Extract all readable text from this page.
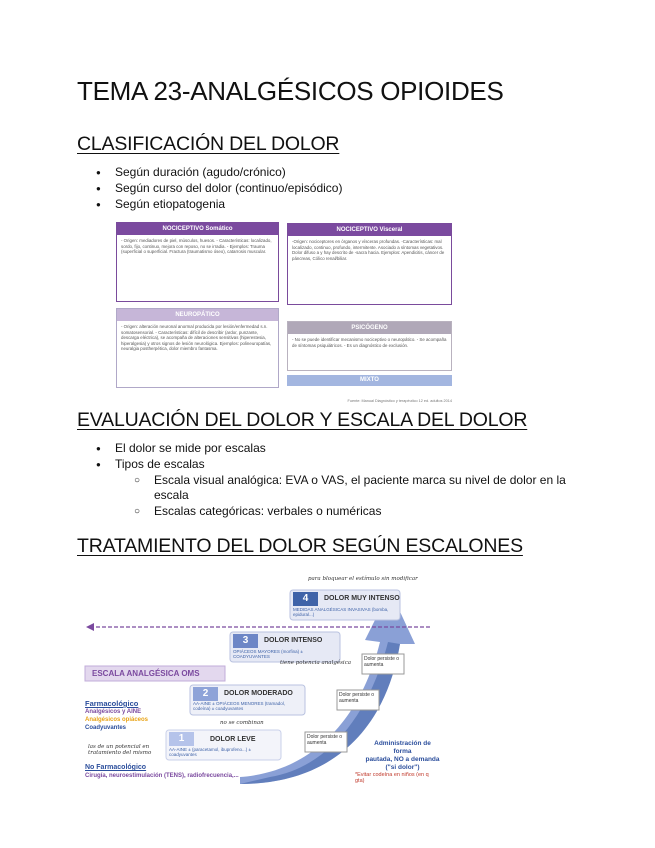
TEMA 23-ANALGÉSICOS OPIOIDES
CLASIFICACIÓN DEL DOLOR
● Según duración (agudo/crónico)
● Según curso del dolor (continuo/episódico)
● Según etiopatogenia
NOCICEPTIVO Somático
- Origen: mediadores de piel, músculos, huesos. - Características: localizado, sordo, fijo, continuo, mejora con reposo, no se irradia. - Ejemplos: Trauma (superficial o superficial. Fractura (traumatismo óseo), catarrosis muscular.
NOCICEPTIVO Visceral
-Origen: nociceptores en órganos y vísceras profundas. -Características: mal localizado, continuo, profundo, intermitente. Asociado a síntomas vegetativos. Dolor difuso a y hay descrito de -sacra hacia. Ejemplos: Apendicitis, cáncer de páncreas, Cólico renal/biliar.
NEUROPÁTICO
- Origen: alteración neuronal anormal producida por lesión/enfermedad s.n. somatosensorial. - Características: difícil de describir (ardor, punzante, descarga eléctrica), se acompaña de alteraciones sensitivas (hiperestesia, hiperalgesia) y otros signos de lesión neurológica. Ejemplos: polineuropatías, neuralgia postherpética, dolor miembro fantasma.
PSICÓGENO
- No se puede identificar mecanismo nociceptivo o neuropático. - Se acompaña de síntomas psiquiátricos. - Es un diagnóstico de exclusión.
MIXTO
Fuente: Manual Diagnóstico y terapéutico 12 ed. adultos 2014
EVALUACIÓN DEL DOLOR Y ESCALA DEL DOLOR
● El dolor se mide por escalas
● Tipos de escalas
○ Escala visual analógica: EVA o VAS, el paciente marca su nivel de dolor en la escala
○ Escalas categóricas: verbales o numéricas
TRATAMIENTO DEL DOLOR SEGÚN ESCALONES
4	DOLOR MUY INTENSO
MEDIDAS ANALGÉSICAS INVASIVAS (bomba, epidural...)
3	DOLOR INTENSO
OPIÁCEOS MAYORES (morfina) ± COADYUVANTES
2	DOLOR MODERADO
AA-AINE ± OPIÁCEOS MENORES (tramadol, codeína) ± coadyuvantes
1	DOLOR LEVE
AA-AINE ± (paracetamol, ibuprofeno...) ± coadyuvantes
ESCALA ANALGÉSICA OMS
Dolor persiste o aumenta
Dolor persiste o aumenta
Dolor persiste o aumenta
Farmacológico
Analgésicos y AINE
Analgésicos opiáceos
Coadyuvantes
No Farmacológico
Cirugía, neuroestimulación (TENS), radiofrecuencia,...
Administración de forma
pautada, NO a demanda
("si dolor")
*Evitar codeína en niños (en q gta)
para bloquear el estímulo sin modificar
tiene potencia analgésica
no se combinan
las de un potencial en tratamiento del mismo
